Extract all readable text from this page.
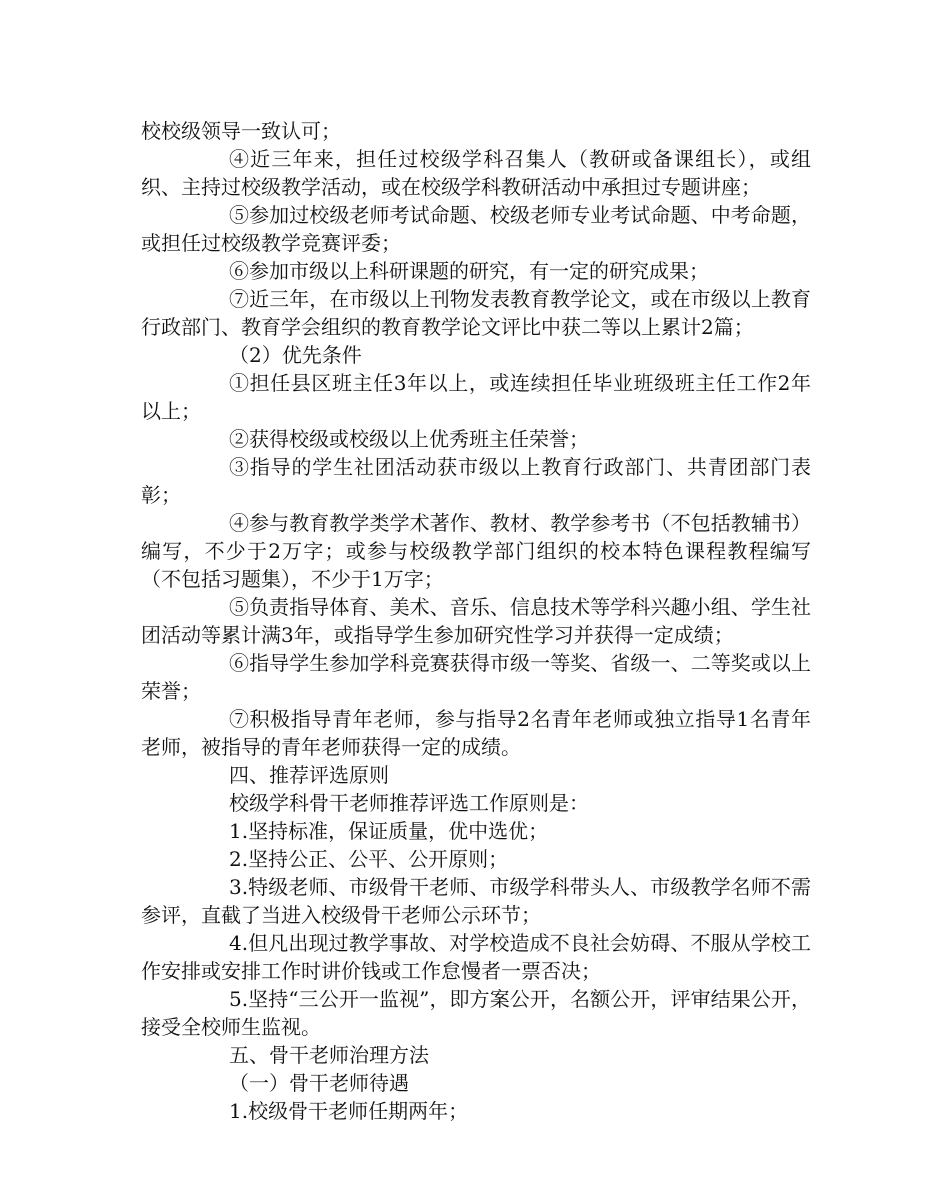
校校级领导一致认可；

④近三年来，担任过校级学科召集人（教研或备课组长），或组织、主持过校级教学活动，或在校级学科教研活动中承担过专题讲座；

⑤参加过校级老师考试命题、校级老师专业考试命题、中考命题，或担任过校级教学竞赛评委；

⑥参加市级以上科研课题的研究，有一定的研究成果；

⑦近三年，在市级以上刊物发表教育教学论文，或在市级以上教育行政部门、教育学会组织的教育教学论文评比中获二等以上累计2篇；

（2）优先条件

①担任县区班主任3年以上，或连续担任毕业班级班主任工作2年以上；

②获得校级或校级以上优秀班主任荣誉；

③指导的学生社团活动获市级以上教育行政部门、共青团部门表彰；

④参与教育教学类学术著作、教材、教学参考书（不包括教辅书）编写，不少于2万字；或参与校级教学部门组织的校本特色课程教程编写（不包括习题集），不少于1万字；

⑤负责指导体育、美术、音乐、信息技术等学科兴趣小组、学生社团活动等累计满3年，或指导学生参加研究性学习并获得一定成绩；

⑥指导学生参加学科竞赛获得市级一等奖、省级一、二等奖或以上荣誉；

⑦积极指导青年老师，参与指导2名青年老师或独立指导1名青年老师，被指导的青年老师获得一定的成绩。

四、推荐评选原则

校级学科骨干老师推荐评选工作原则是：

1.坚持标准，保证质量，优中选优；

2.坚持公正、公平、公开原则；

3.特级老师、市级骨干老师、市级学科带头人、市级教学名师不需参评，直截了当进入校级骨干老师公示环节；

4.但凡出现过教学事故、对学校造成不良社会妨碍、不服从学校工作安排或安排工作时讲价钱或工作怠慢者一票否决；

5.坚持“三公开一监视”，即方案公开，名额公开，评审结果公开，接受全校师生监视。

五、骨干老师治理方法

（一）骨干老师待遇

1.校级骨干老师任期两年；
